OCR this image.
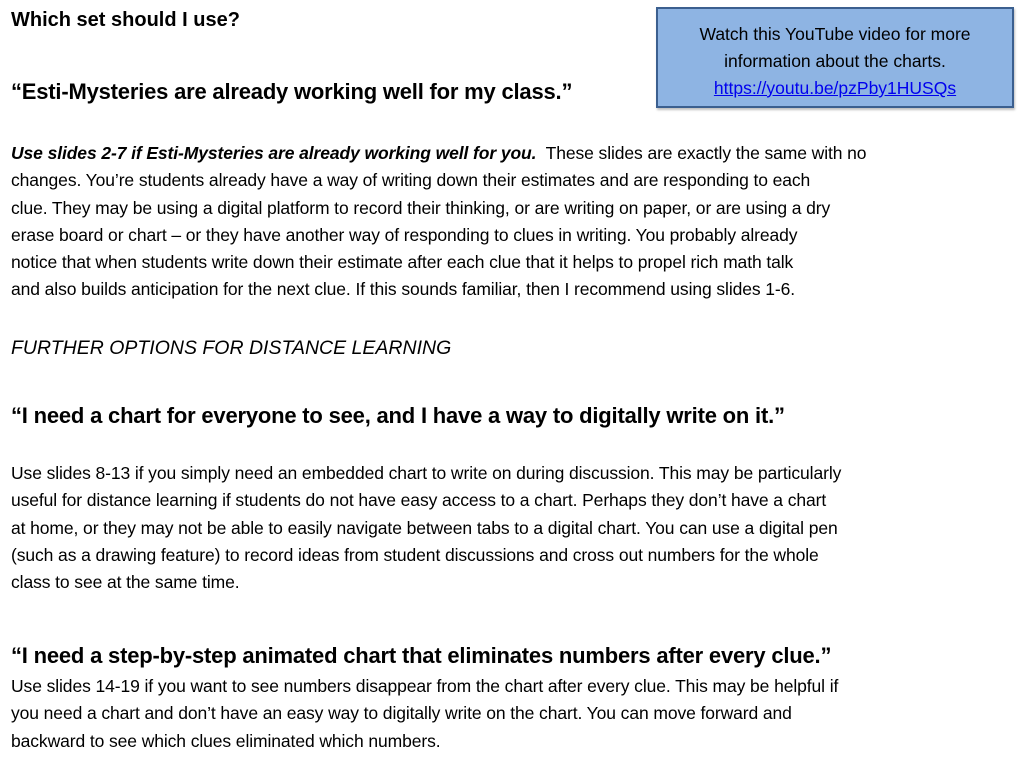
Which set should I use?

“Esti-Mysteries are already working well for my class.”

Use slides 2-7 if Esti-Mysteries are already working well for you. These slides are exactly the same with no
changes. You’re students already have a way of writing down their estimates and are responding to each
clue. They may be using a digital platform to record their thinking, or are writing on paper, or are using a dry
erase board or chart – or they have another way of responding to clues in writing. You probably already
notice that when students write down their estimate after each clue that it helps to propel rich math talk
and also builds anticipation for the next clue. If this sounds familiar, then I recommend using slides 1-6.

FURTHER OPTIONS FOR DISTANCE LEARNING

“I need a chart for everyone to see, and I have a way to digitally write on it.”

Use slides 8-13 if you simply need an embedded chart to write on during discussion. This may be particularly
useful for distance learning if students do not have easy access to a chart. Perhaps they don’t have a chart
at home, or they may not be able to easily navigate between tabs to a digital chart. You can use a digital pen
(such as a drawing feature) to record ideas from student discussions and cross out numbers for the whole
class to see at the same time.

“I need a step-by-step animated chart that eliminates numbers after every clue.”

Use slides 14-19 if you want to see numbers disappear from the chart after every clue. This may be helpful if
you need a chart and don’t have an easy way to digitally write on the chart. You can move forward and
backward to see which clues eliminated which numbers.
Watch this YouTube video for more
information about the charts.
https://youtu.be/pzPby1HUSQs
